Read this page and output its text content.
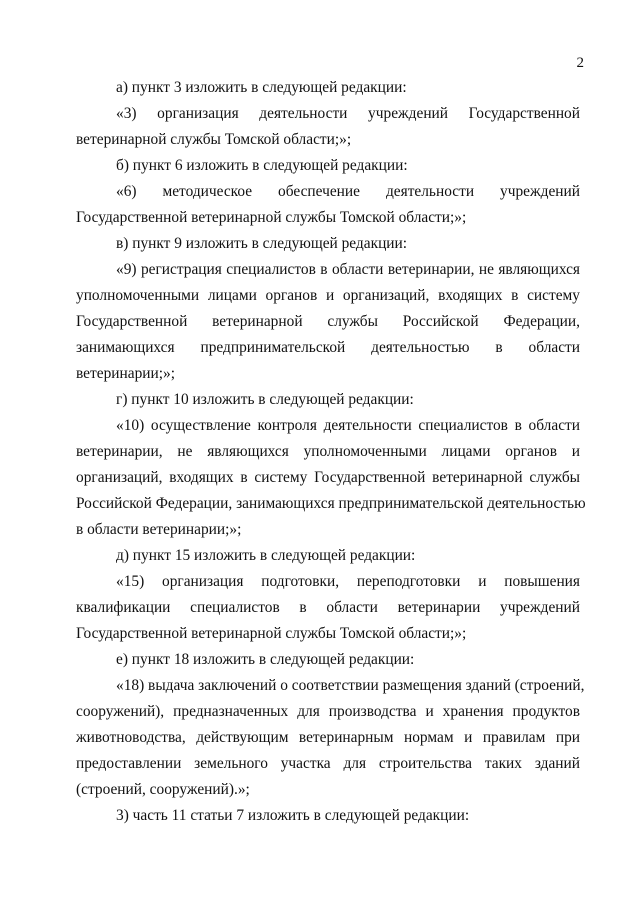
2
а) пункт 3 изложить в следующей редакции:
«3) организация деятельности учреждений Государственной
ветеринарной службы Томской области;»;
б) пункт 6 изложить в следующей редакции:
«6) методическое обеспечение деятельности учреждений
Государственной ветеринарной службы Томской области;»;
в) пункт 9 изложить в следующей редакции:
«9) регистрация специалистов в области ветеринарии, не являющихся
уполномоченными лицами органов и организаций, входящих в систему
Государственной ветеринарной службы Российской Федерации,
занимающихся предпринимательской деятельностью в области
ветеринарии;»;
г) пункт 10 изложить в следующей редакции:
«10) осуществление контроля деятельности специалистов в области
ветеринарии, не являющихся уполномоченными лицами органов и
организаций, входящих в систему Государственной ветеринарной службы
Российской Федерации, занимающихся предпринимательской деятельностью
в области ветеринарии;»;
д) пункт 15 изложить в следующей редакции:
«15) организация подготовки, переподготовки и повышения
квалификации специалистов в области ветеринарии учреждений
Государственной ветеринарной службы Томской области;»;
е) пункт 18 изложить в следующей редакции:
«18) выдача заключений о соответствии размещения зданий (строений,
сооружений), предназначенных для производства и хранения продуктов
животноводства, действующим ветеринарным нормам и правилам при
предоставлении земельного участка для строительства таких зданий
(строений, сооружений).»;
3) часть 11 статьи 7 изложить в следующей редакции:
